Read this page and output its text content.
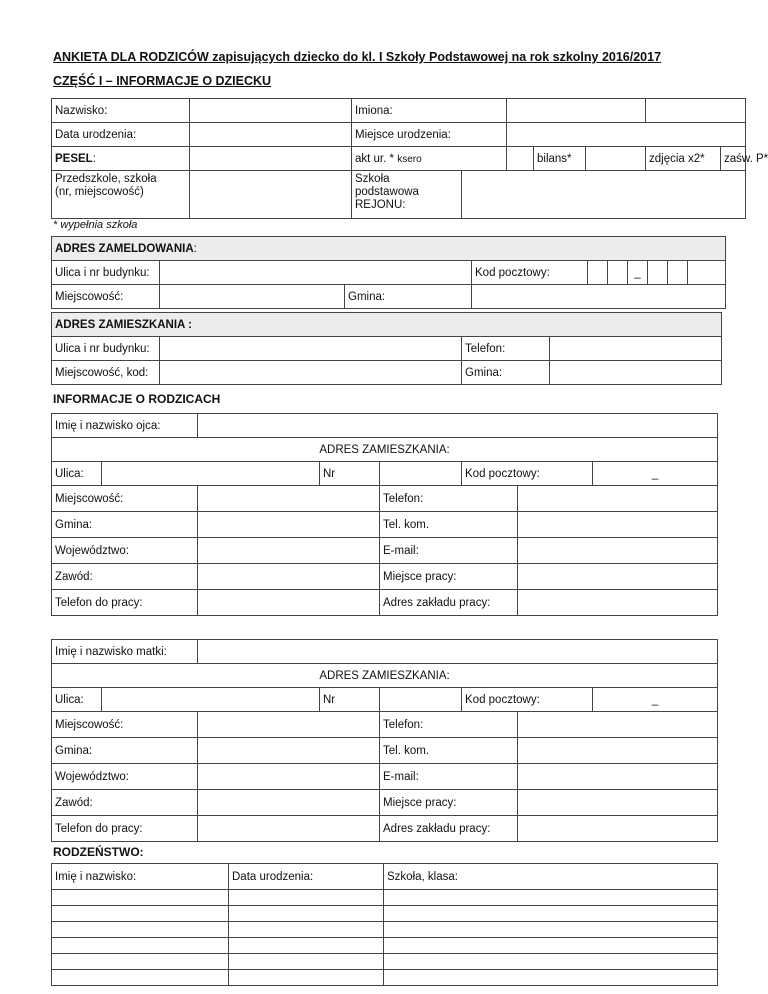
ANKIETA DLA RODZICÓW zapisujących dziecko do kl. I Szkoły Podstawowej na rok szkolny 2016/2017
CZĘŚĆ I – INFORMACJE O DZIECKU
Nazwisko:		Imiona:						
Data urodzenia:		Miejsce urodzenia:						
PESEL:		akt ur. * ksero			bilans*		zdjęcia x2*	zaśw. P*
Przedszkole, szkoła
(nr, miejscowość)		Szkoła
podstawowa
REJONU:						
* wypełnia szkoła
ADRES ZAMELDOWANIA:									
Ulica i nr budynku:			Kod pocztowy:			_			
Miejscowość:		Gmina:							
ADRES ZAMIESZKANIA :			
Ulica i nr budynku:		Telefon:	
Miejscowość, kod:		Gmina:	
INFORMACJE O RODZICACH
Imię i nazwisko ojca:							
ADRES ZAMIESZKANIA:							
Ulica:			Nr		Kod pocztowy:		_
Miejscowość:				Telefon:			
Gmina:				Tel. kom.			
Województwo:				E-mail:			
Zawód:				Miejsce pracy:			
Telefon do pracy:				Adres zakładu pracy:			
Imię i nazwisko matki:							
ADRES ZAMIESZKANIA:							
Ulica:			Nr		Kod pocztowy:		_
Miejscowość:				Telefon:			
Gmina:				Tel. kom.			
Województwo:				E-mail:			
Zawód:				Miejsce pracy:			
Telefon do pracy:				Adres zakładu pracy:			
RODZEŃSTWO:
Imię i nazwisko:	Data urodzenia:	Szkoła, klasa:
